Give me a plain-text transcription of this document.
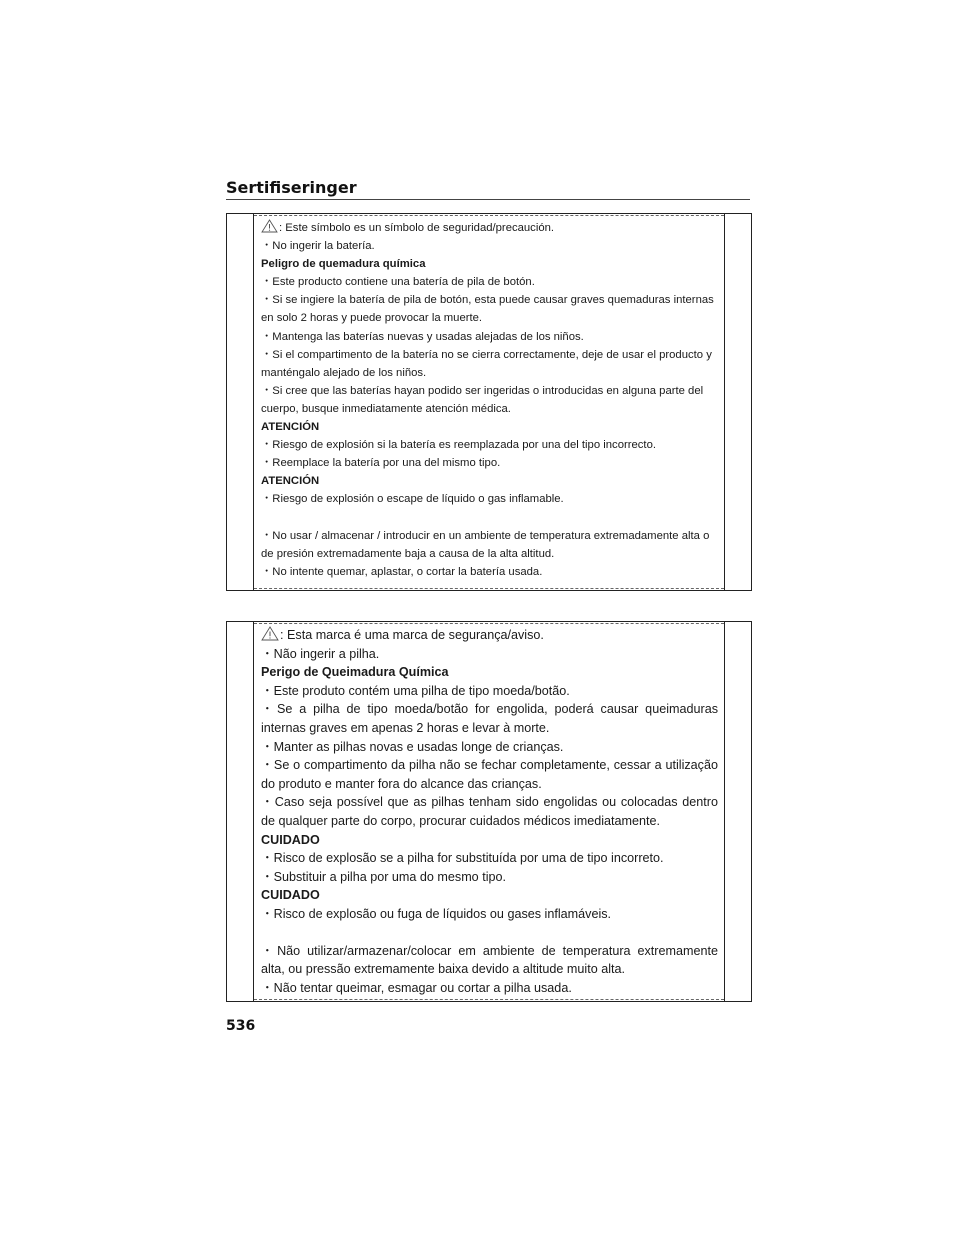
Sertifiseringer

: Este símbolo es un símbolo de seguridad/precaución.

・No ingerir la batería.

Peligro de quemadura química

・Este producto contiene una batería de pila de botón.

・Si se ingiere la batería de pila de botón, esta puede causar graves quemaduras internas en solo 2 horas y puede provocar la muerte.

・Mantenga las baterías nuevas y usadas alejadas de los niños.

・Si el compartimento de la batería no se cierra correctamente, deje de usar el producto y manténgalo alejado de los niños.

・Si cree que las baterías hayan podido ser ingeridas o introducidas en alguna parte del cuerpo, busque inmediatamente atención médica.

ATENCIÓN

・Riesgo de explosión si la batería es reemplazada por una del tipo incorrecto.

・Reemplace la batería por una del mismo tipo.

ATENCIÓN

・Riesgo de explosión o escape de líquido o gas inflamable.

・No usar / almacenar / introducir en un ambiente de temperatura extremadamente alta o de presión extremadamente baja a causa de la alta altitud.

・No intente quemar, aplastar, o cortar la batería usada.

: Esta marca é uma marca de segurança/aviso.

・Não ingerir a pilha.

Perigo de Queimadura Química

・Este produto contém uma pilha de tipo moeda/botão.

・Se a pilha de tipo moeda/botão for engolida, poderá causar queimaduras internas graves em apenas 2 horas e levar à morte.

・Manter as pilhas novas e usadas longe de crianças.

・Se o compartimento da pilha não se fechar completamente, cessar a utilização do produto e manter fora do alcance das crianças.

・Caso seja possível que as pilhas tenham sido engolidas ou colocadas dentro de qualquer parte do corpo, procurar cuidados médicos imediatamente.

CUIDADO

・Risco de explosão se a pilha for substituída por uma de tipo incorreto.

・Substituir a pilha por uma do mesmo tipo.

CUIDADO

・Risco de explosão ou fuga de líquidos ou gases inflamáveis.

・Não utilizar/armazenar/colocar em ambiente de temperatura extremamente alta, ou pressão extremamente baixa devido a altitude muito alta.

・Não tentar queimar, esmagar ou cortar a pilha usada.

536
